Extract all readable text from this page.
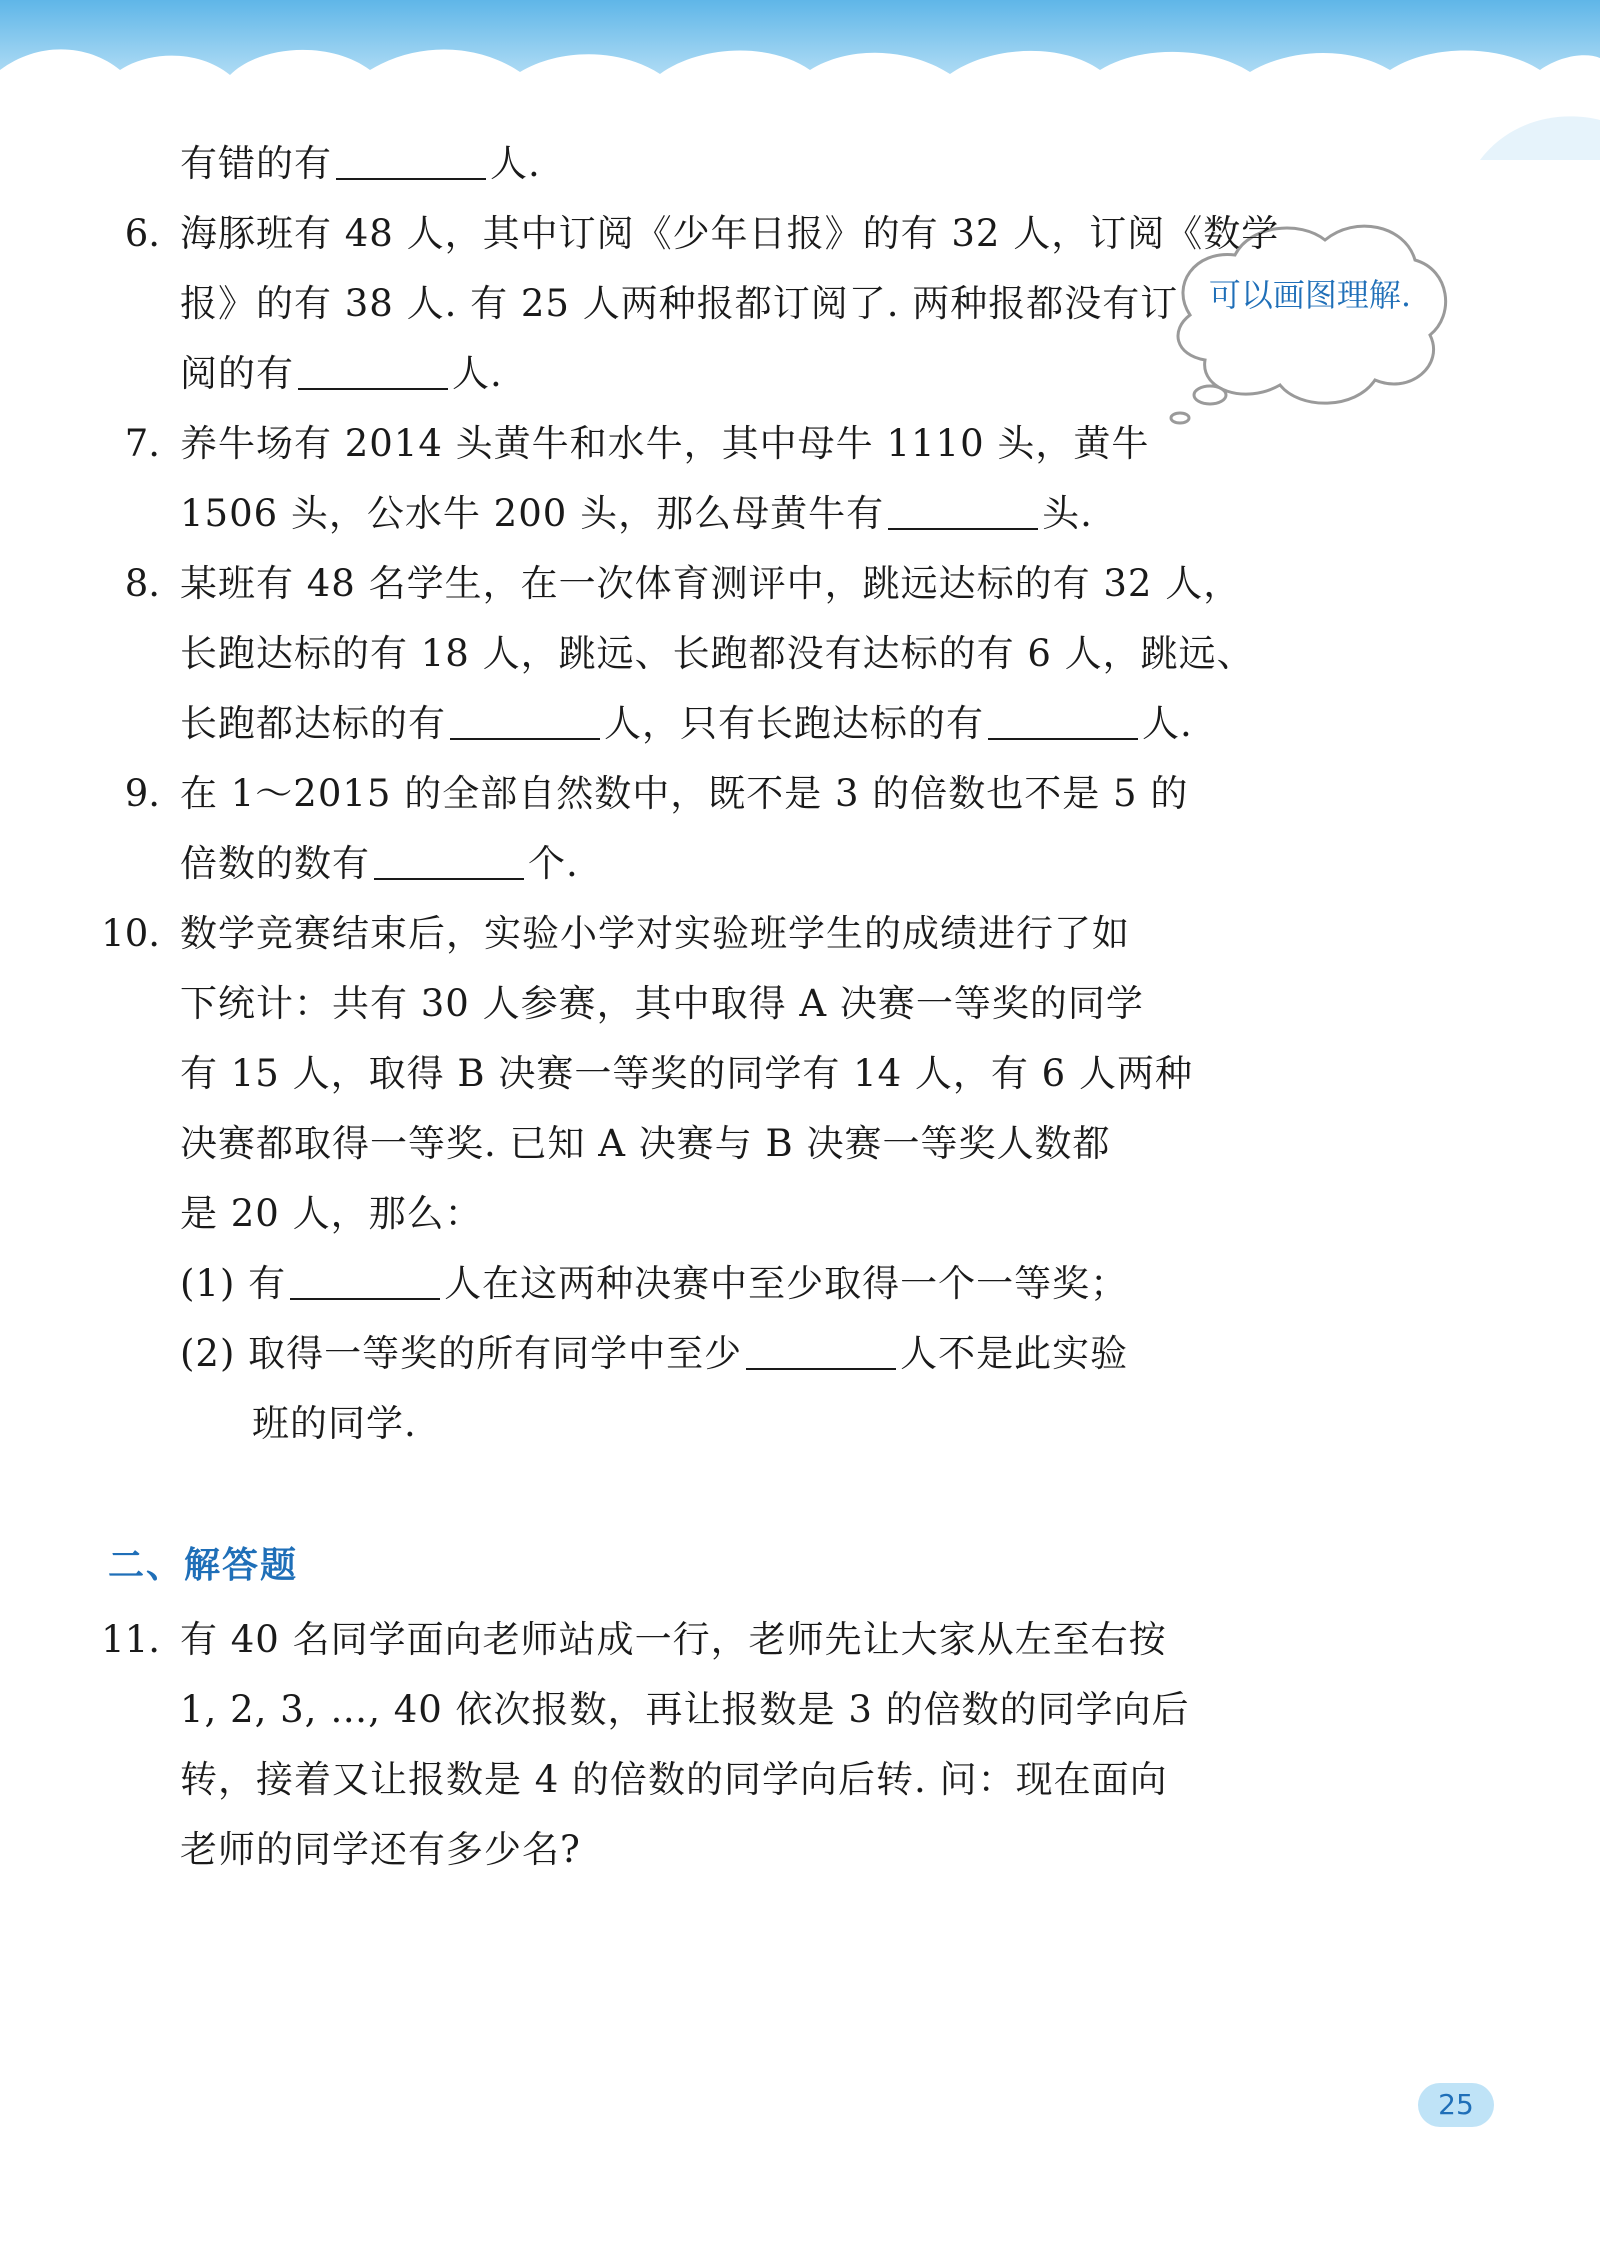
可以画图理解.
有错的有	人.
6. 海豚班有 48 人，其中订阅《少年日报》的有 32 人，订阅《数学
报》的有 38 人. 有 25 人两种报都订阅了. 两种报都没有订
阅的有	人.
7. 养牛场有 2014 头黄牛和水牛，其中母牛 1110 头，黄牛
1506 头，公水牛 200 头，那么母黄牛有	头.
8. 某班有 48 名学生，在一次体育测评中，跳远达标的有 32 人，
长跑达标的有 18 人，跳远、长跑都没有达标的有 6 人，跳远、
长跑都达标的有	人，只有长跑达标的有	人.
9. 在 1～2015 的全部自然数中，既不是 3 的倍数也不是 5 的
倍数的数有	个.
10. 数学竞赛结束后，实验小学对实验班学生的成绩进行了如
下统计：共有 30 人参赛，其中取得 A 决赛一等奖的同学
有 15 人，取得 B 决赛一等奖的同学有 14 人，有 6 人两种
决赛都取得一等奖. 已知 A 决赛与 B 决赛一等奖人数都
是 20 人，那么：
(1) 有	人在这两种决赛中至少取得一个一等奖；
(2) 取得一等奖的所有同学中至少	人不是此实验
班的同学.
二、解答题
11. 有 40 名同学面向老师站成一行，老师先让大家从左至右按
1, 2, 3, …, 40 依次报数，再让报数是 3 的倍数的同学向后
转，接着又让报数是 4 的倍数的同学向后转. 问：现在面向
老师的同学还有多少名?
25
